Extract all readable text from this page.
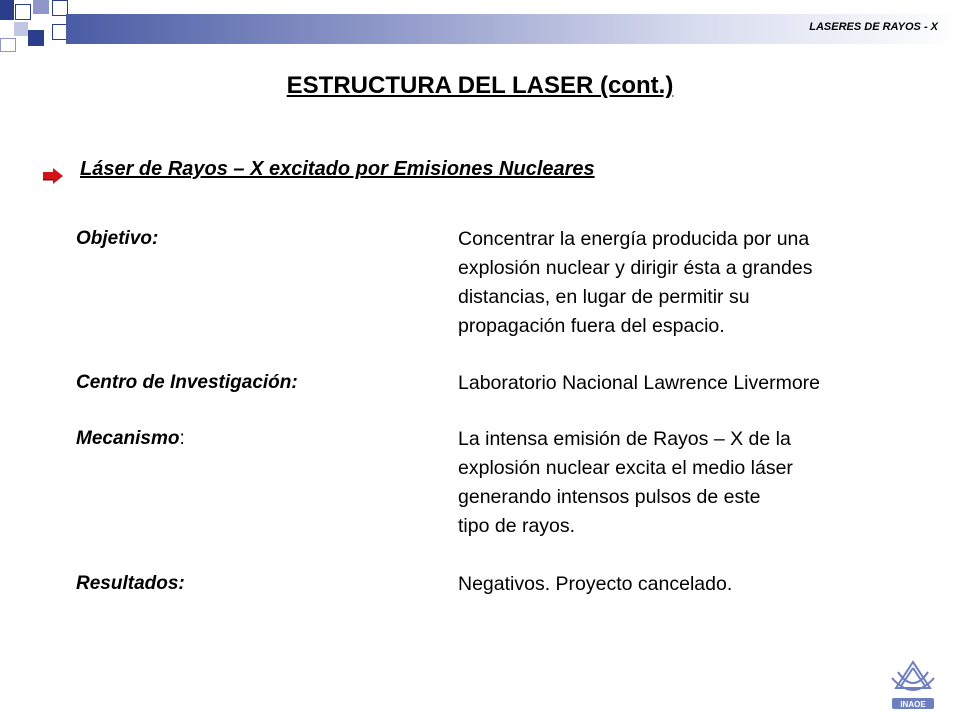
LASERES DE RAYOS - X
ESTRUCTURA DEL LASER (cont.)
Láser de Rayos – X excitado por Emisiones Nucleares
Objetivo:	Concentrar la energía producida por una
explosión nuclear y dirigir ésta a grandes
distancias, en lugar de permitir su
propagación fuera del espacio.
Centro de Investigación:	Laboratorio Nacional Lawrence Livermore
Mecanismo:	La intensa emisión de Rayos – X de la
explosión nuclear excita el medio láser
generando intensos pulsos de este
tipo de rayos.
Resultados:	Negativos. Proyecto cancelado.
INAOE
